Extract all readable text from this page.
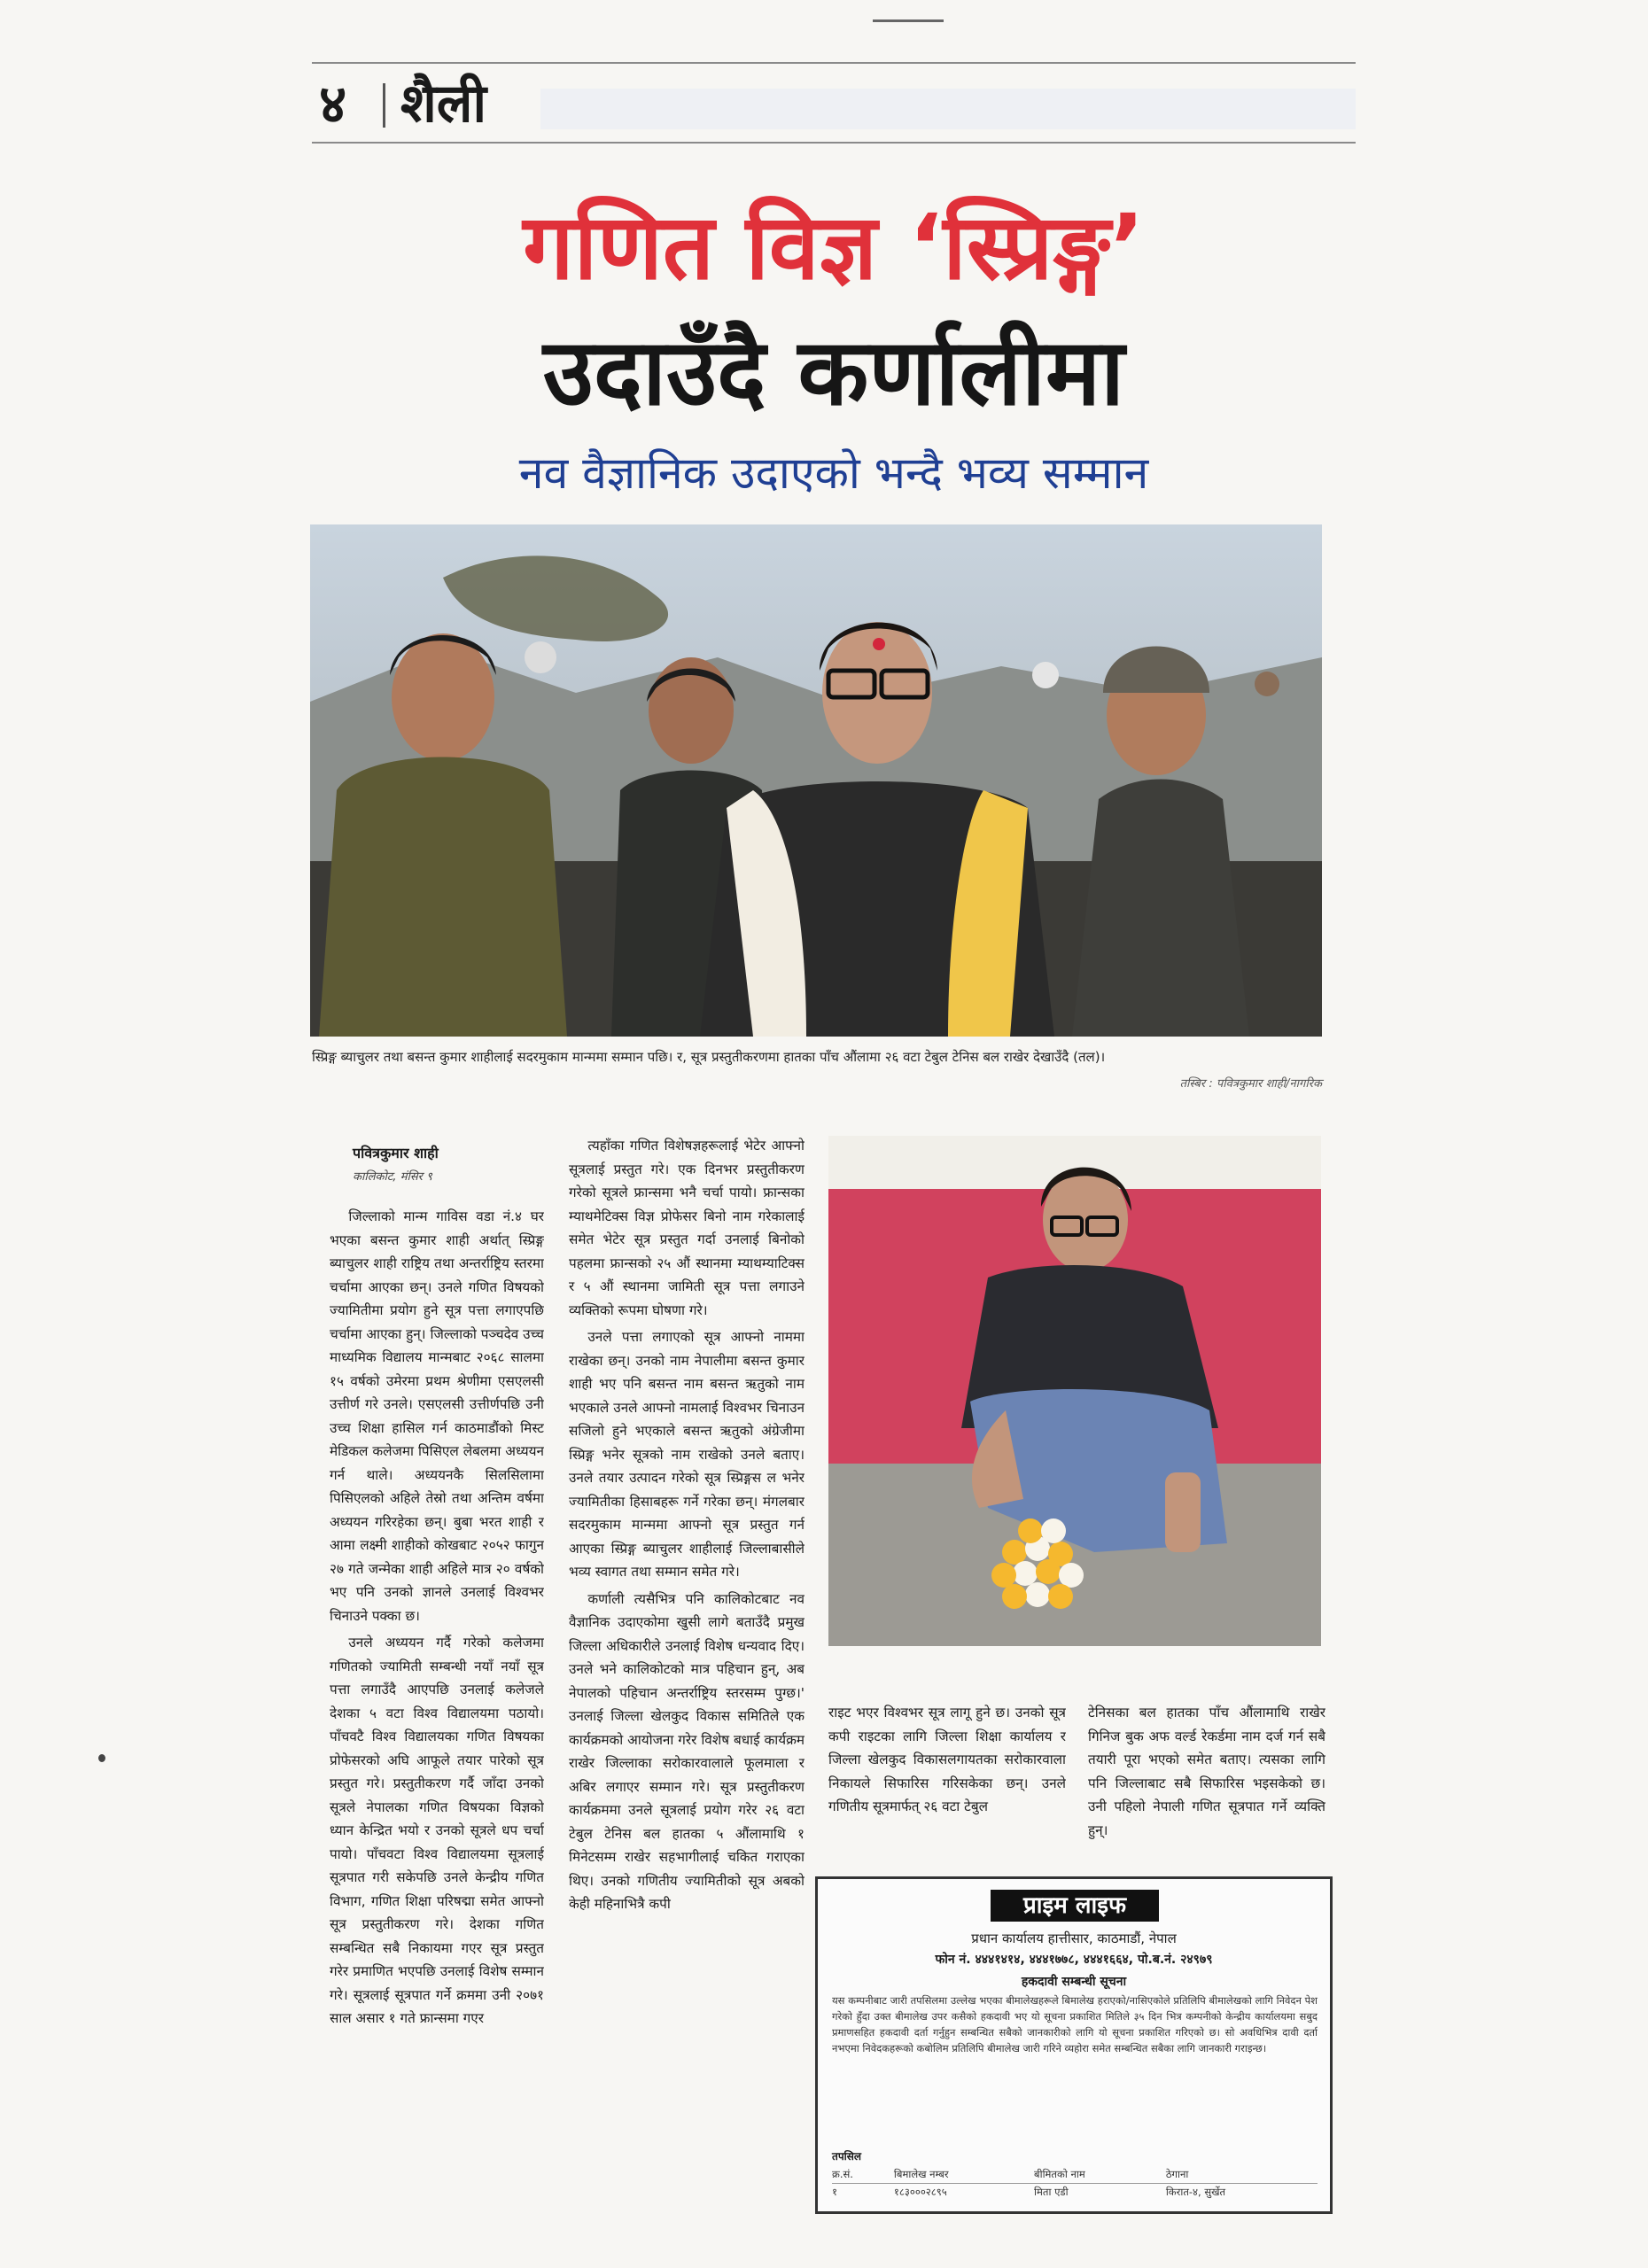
४ शैली
गणित विज्ञ ‘स्प्रिङ्ग’
उदाउँदै कर्णालीमा
नव वैज्ञानिक उदाएको भन्दै भव्य सम्मान
स्प्रिङ्ग ब्याचुलर तथा बसन्त कुमार शाहीलाई सदरमुकाम मान्ममा सम्मान पछि। र, सूत्र प्रस्तुतीकरणमा हातका पाँच औंलामा २६ वटा टेबुल टेनिस बल राखेर देखाउँदै (तल)।
तस्बिर : पवित्रकुमार शाही/नागरिक
पवित्रकुमार शाही
कालिकोट, मंसिर ९

जिल्लाको मान्म गाविस वडा नं.४ घर भएका बसन्त कुमार शाही अर्थात् स्प्रिङ्ग ब्याचुलर शाही राष्ट्रिय तथा अन्तर्राष्ट्रिय स्तरमा चर्चामा आएका छन्। उनले गणित विषयको ज्यामितीमा प्रयोग हुने सूत्र पत्ता लगाएपछि चर्चामा आएका हुन्। जिल्लाको पञ्चदेव उच्च माध्यमिक विद्यालय मान्मबाट २०६८ सालमा १५ वर्षको उमेरमा प्रथम श्रेणीमा एसएलसी उत्तीर्ण गरे उनले। एसएलसी उत्तीर्णपछि उनी उच्च शिक्षा हासिल गर्न काठमाडौंको मिस्ट मेडिकल कलेजमा पिसिएल लेबलमा अध्ययन गर्न थाले। अध्ययनकै सिलसिलामा पिसिएलको अहिले तेस्रो तथा अन्तिम वर्षमा अध्ययन गरिरहेका छन्। बुबा भरत शाही र आमा लक्ष्मी शाहीको कोखबाट २०५२ फागुन २७ गते जन्मेका शाही अहिले मात्र २० वर्षको भए पनि उनको ज्ञानले उनलाई विश्वभर चिनाउने पक्का छ।

उनले अध्ययन गर्दै गरेको कलेजमा गणितको ज्यामिती सम्बन्धी नयाँ नयाँ सूत्र पत्ता लगाउँदै आएपछि उनलाई कलेजले देशका ५ वटा विश्व विद्यालयमा पठायो। पाँचवटै विश्व विद्यालयका गणित विषयका प्रोफेसरको अघि आफूले तयार पारेको सूत्र प्रस्तुत गरे। प्रस्तुतीकरण गर्दै जाँदा उनको सूत्रले नेपालका गणित विषयका विज्ञको ध्यान केन्द्रित भयो र उनको सूत्रले धप चर्चा पायो। पाँचवटा विश्व विद्यालयमा सूत्रलाई सूत्रपात गरी सकेपछि उनले केन्द्रीय गणित विभाग, गणित शिक्षा परिषद्मा समेत आफ्नो सूत्र प्रस्तुतीकरण गरे। देशका गणित सम्बन्धित सबै निकायमा गएर सूत्र प्रस्तुत गरेर प्रमाणित भएपछि उनलाई विशेष सम्मान गरे। सूत्रलाई सूत्रपात गर्ने क्रममा उनी २०७१ साल असार १ गते फ्रान्समा गएर

त्यहाँका गणित विशेषज्ञहरूलाई भेटेर आफ्नो सूत्रलाई प्रस्तुत गरे। एक दिनभर प्रस्तुतीकरण गरेको सूत्रले फ्रान्समा भनै चर्चा पायो। फ्रान्सका म्याथमेटिक्स विज्ञ प्रोफेसर बिनो नाम गरेकालाई समेत भेटेर सूत्र प्रस्तुत गर्दा उनलाई बिनोको पहलमा फ्रान्सको २५ औं स्थानमा म्याथम्याटिक्स र ५ औं स्थानमा जामिती सूत्र पत्ता लगाउने व्यक्तिको रूपमा घोषणा गरे।

उनले पत्ता लगाएको सूत्र आफ्नो नाममा राखेका छन्। उनको नाम नेपालीमा बसन्त कुमार शाही भए पनि बसन्त नाम बसन्त ऋतुको नाम भएकाले उनले आफ्नो नामलाई विश्वभर चिनाउन सजिलो हुने भएकाले बसन्त ऋतुको अंग्रेजीमा स्प्रिङ्ग भनेर सूत्रको नाम राखेको उनले बताए। उनले तयार उत्पादन गरेको सूत्र स्प्रिङ्गस ल भनेर ज्यामितीका हिसाबहरू गर्ने गरेका छन्। मंगलबार सदरमुकाम मान्ममा आफ्नो सूत्र प्रस्तुत गर्न आएका स्प्रिङ्ग ब्याचुलर शाहीलाई जिल्लाबासीले भव्य स्वागत तथा सम्मान समेत गरे।

कर्णाली त्यसैभित्र पनि कालिकोटबाट नव वैज्ञानिक उदाएकोमा खुसी लागे बताउँदै प्रमुख जिल्ला अधिकारीले उनलाई विशेष धन्यवाद दिए। उनले भने कालिकोटको मात्र पहिचान हुन्, अब नेपालको पहिचान अन्तर्राष्ट्रिय स्तरसम्म पुग्छ।' उनलाई जिल्ला खेलकुद विकास समितिले एक कार्यक्रमको आयोजना गरेर विशेष बधाई कार्यक्रम राखेर जिल्लाका सरोकारवालाले फूलमाला र अबिर लगाएर सम्मान गरे। सूत्र प्रस्तुतीकरण कार्यक्रममा उनले सूत्रलाई प्रयोग गरेर २६ वटा टेबुल टेनिस बल हातका ५ औंलामाथि १ मिनेटसम्म राखेर सहभागीलाई चकित गराएका थिए। उनको गणितीय ज्यामितीको सूत्र अबको केही महिनाभित्रै कपी

राइट भएर विश्वभर सूत्र लागू हुने छ। उनको सूत्र कपी राइटका लागि जिल्ला शिक्षा कार्यालय र जिल्ला खेलकुद विकासलगायतका सरोकारवाला निकायले सिफारिस गरिसकेका छन्। उनले गणितीय सूत्रमार्फत् २६ वटा टेबुल

टेनिसका बल हातका पाँच औंलामाथि राखेर गिनिज बुक अफ वर्ल्ड रेकर्डमा नाम दर्ज गर्न सबै तयारी पूरा भएको समेत बताए। त्यसका लागि पनि जिल्लाबाट सबै सिफारिस भइसकेको छ। उनी पहिलो नेपाली गणित सूत्रपात गर्ने व्यक्ति हुन्।

प्राइम लाइफ
प्रधान कार्यालय हात्तीसार, काठमाडौं, नेपाल
फोन नं. ४४४१४१४, ४४४१७७८, ४४४१६६४, पो.ब.नं. २४९७९
हकदावी सम्बन्धी सूचना
यस कम्पनीबाट जारी तपसिलमा उल्लेख भएका बीमालेखहरूले बिमालेख हराएको/नासिएकोले प्रतिलिपि बीमालेखको लागि निवेदन पेश गरेको हुँदा उक्त बीमालेख उपर कसैको हकदावी भए यो सूचना प्रकाशित मितिले ३५ दिन भित्र कम्पनीको केन्द्रीय कार्यालयमा सबुद प्रमाणसहित हकदावी दर्ता गर्नुहुन सम्बन्धित सबैको जानकारीको लागि यो सूचना प्रकाशित गरिएको छ। सो अवधिभित्र दावी दर्ता नभएमा निवेदकहरूको कबोलिम प्रतिलिपि बीमालेख जारी गरिने व्यहोरा समेत सम्बन्धित सबैका लागि जानकारी गराइन्छ।
तपसिल
क्र.सं.	बिमालेख नम्बर	बीमितको नाम	ठेगाना
१	१८३०००२८९५	मिता एडी	किरात-४, सुर्खेत
